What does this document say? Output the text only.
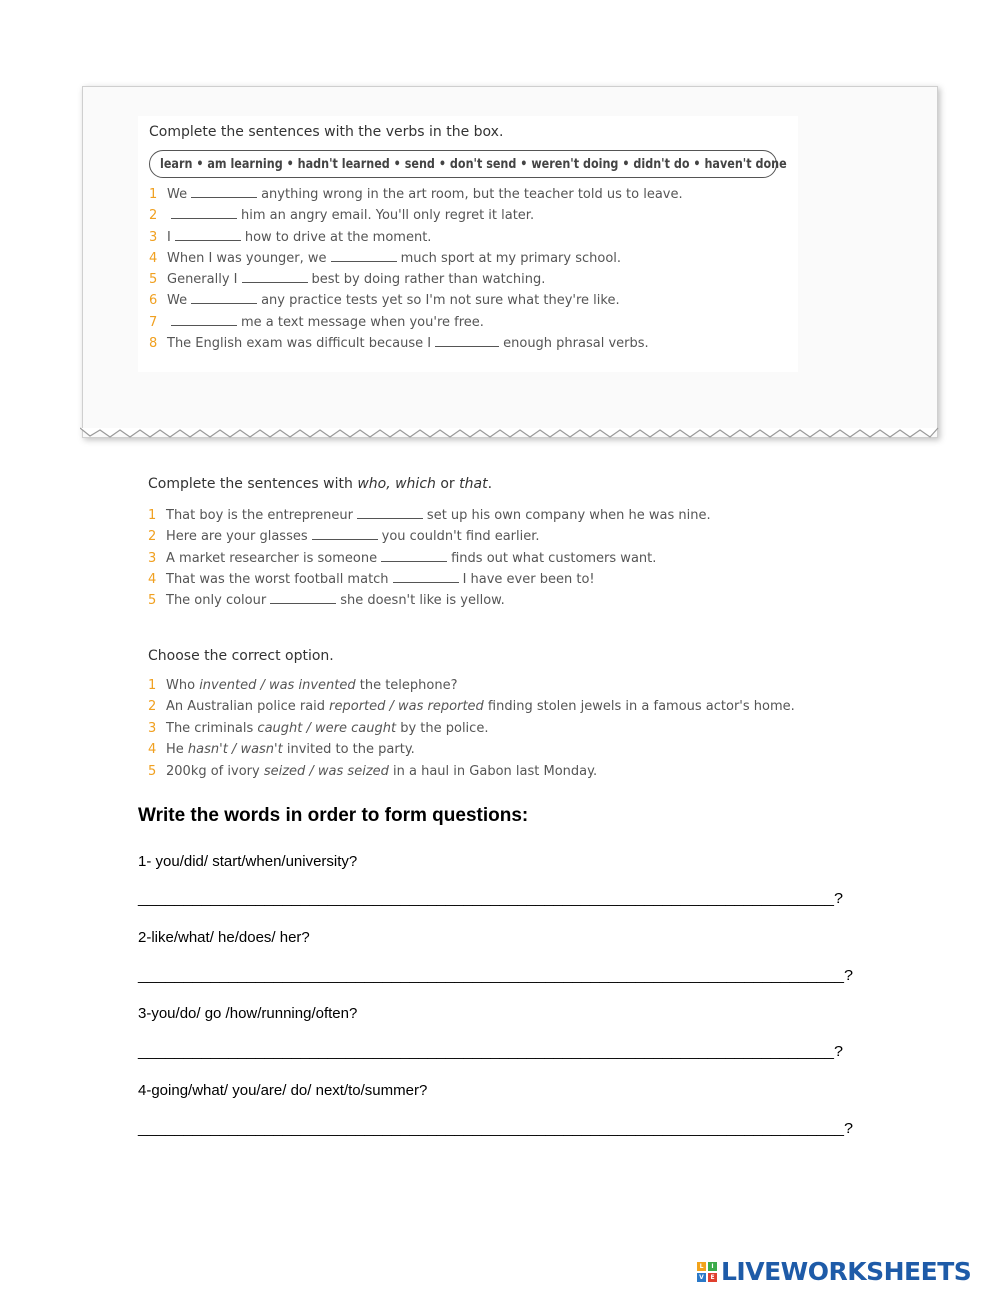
Complete the sentences with the verbs in the box.

learn • am learning • hadn't learned • send • don't send • weren't doing • didn't do • haven't done
1 We	anything wrong in the art room, but the teacher told us to leave.
2	him an angry email. You'll only regret it later.
3 I	how to drive at the moment.
4 When I was younger, we	much sport at my primary school.
5 Generally I	best by doing rather than watching.
6 We	any practice tests yet so I'm not sure what they're like.
7	me a text message when you're free.
8 The English exam was difficult because I	enough phrasal verbs.
Complete the sentences with who, which or that.
1 That boy is the entrepreneur	set up his own company when he was nine.
2 Here are your glasses	you couldn't find earlier.
3 A market researcher is someone	finds out what customers want.
4 That was the worst football match	I have ever been to!
5 The only colour	she doesn't like is yellow.

Choose the correct option.

1 Who invented / was invented the telephone?
2 An Australian police raid reported / was reported finding stolen jewels in a famous actor's home.
3 The criminals caught / were caught by the police.
4 He hasn't / wasn't invited to the party.
5 200kg of ivory seized / was seized in a haul in Gabon last Monday.
Write the words in order to form questions:
1- you/did/ start/when/university?
_____________________________________________________________________________?
2-like/what/ he/does/ her?
______________________________________________________________________________?
3-you/do/ go /how/running/often?
_____________________________________________________________________________?
4-going/what/ you/are/ do/ next/to/summer?
______________________________________________________________________________?
L	I
V	E LIVEWORKSHEETS
